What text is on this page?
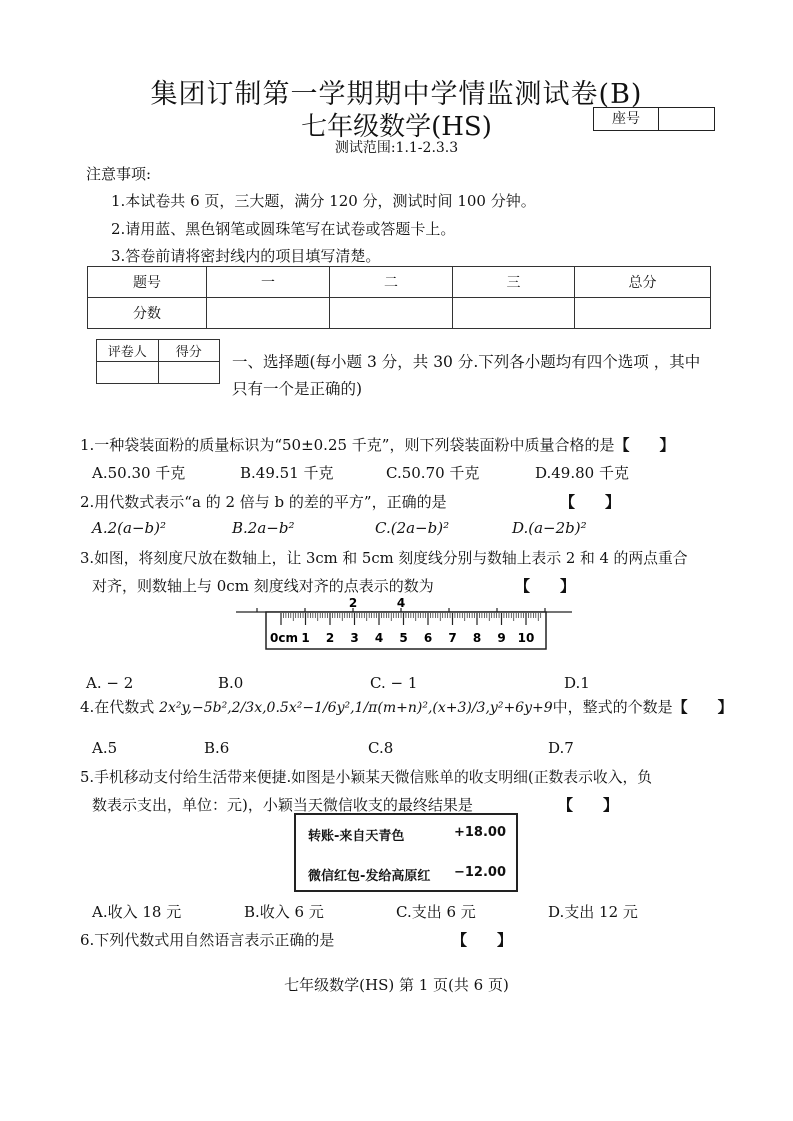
集团订制第一学期期中学情监测试卷(B)
七年级数学(HS)	座号
测试范围:1.1-2.3.3
注意事项:
1.本试卷共 6 页，三大题，满分 120 分，测试时间 100 分钟。
2.请用蓝、黑色钢笔或圆珠笔写在试卷或答题卡上。
3.答卷前请将密封线内的项目填写清楚。
题号	一	二	三	总分
分数				
评卷人	得分

一、选择题(每小题 3 分，共 30 分.下列各小题均有四个选项 ，其中
只有一个是正确的)
1.一种袋装面粉的质量标识为“50±0.25 千克”，则下列袋装面粉中质量合格的是【　　】
A.50.30 千克	B.49.51 千克	C.50.70 千克	D.49.80 千克
2.用代数式表示“a 的 2 倍与 b 的差的平方”，正确的是	【　　】
A.2(a−b)²	B.2a−b²	C.(2a−b)²	D.(a−2b)²
3.如图，将刻度尺放在数轴上，让 3cm 和 5cm 刻度线分别与数轴上表示 2 和 4 的两点重合
对齐，则数轴上与 0cm 刻度线对齐的点表示的数为	【　　】
2	4
0cm 1 2 3 4 5 6 7 8 9 10
A. − 2	B.0	C. − 1	D.1
4.在代数式 2x²y,−5b²,2/3x,0.5x²−1/6y²,1/π(m+n)²,(x+3)/3,y²+6y+9中，整式的个数是【　　】
A.5	B.6	C.8	D.7
5.手机移动支付给生活带来便捷.如图是小颖某天微信账单的收支明细(正数表示收入，负
数表示支出，单位：元)，小颖当天微信收支的最终结果是	【　　】
转账-来自天青色	+18.00
微信红包-发给高原红 −12.00
A.收入 18 元	B.收入 6 元	C.支出 6 元	D.支出 12 元
6.下列代数式用自然语言表示正确的是	【　　】
七年级数学(HS) 第 1 页(共 6 页)
